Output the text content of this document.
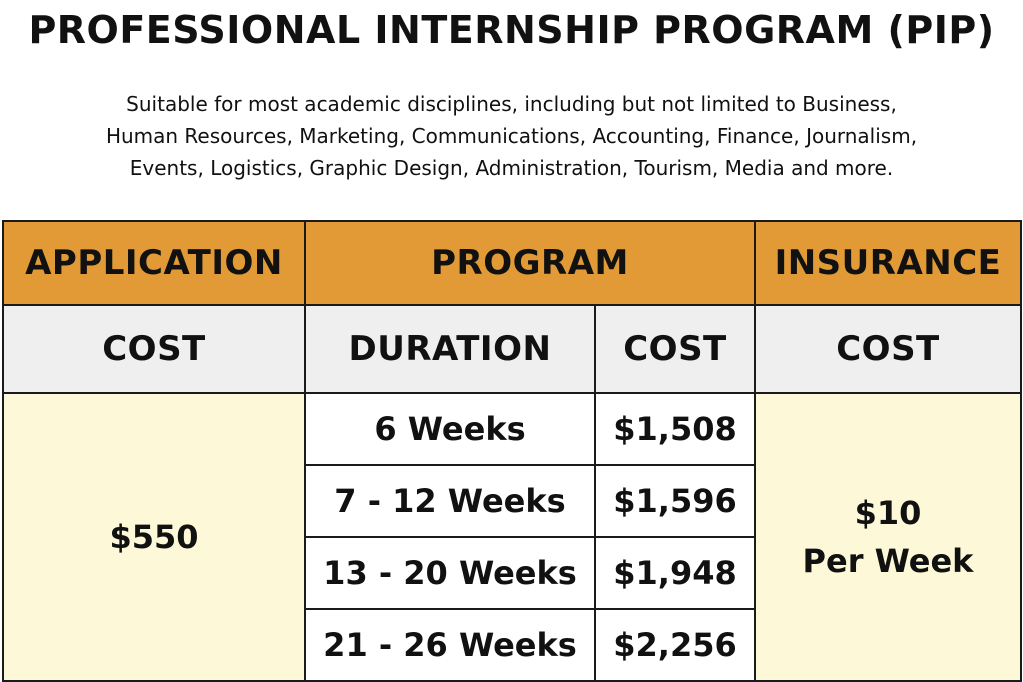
PROFESSIONAL INTERNSHIP PROGRAM (PIP)
Suitable for most academic disciplines, including but not limited to Business,
Human Resources, Marketing, Communications, Accounting, Finance, Journalism,
Events, Logistics, Graphic Design, Administration, Tourism, Media and more.
APPLICATION	PROGRAM		INSURANCE
COST	DURATION	COST	COST
$550	6 Weeks	$1,508	$10
Per Week

	7 - 12 Weeks	$1,596	
	13 - 20 Weeks	$1,948	
	21 - 26 Weeks	$2,256	
